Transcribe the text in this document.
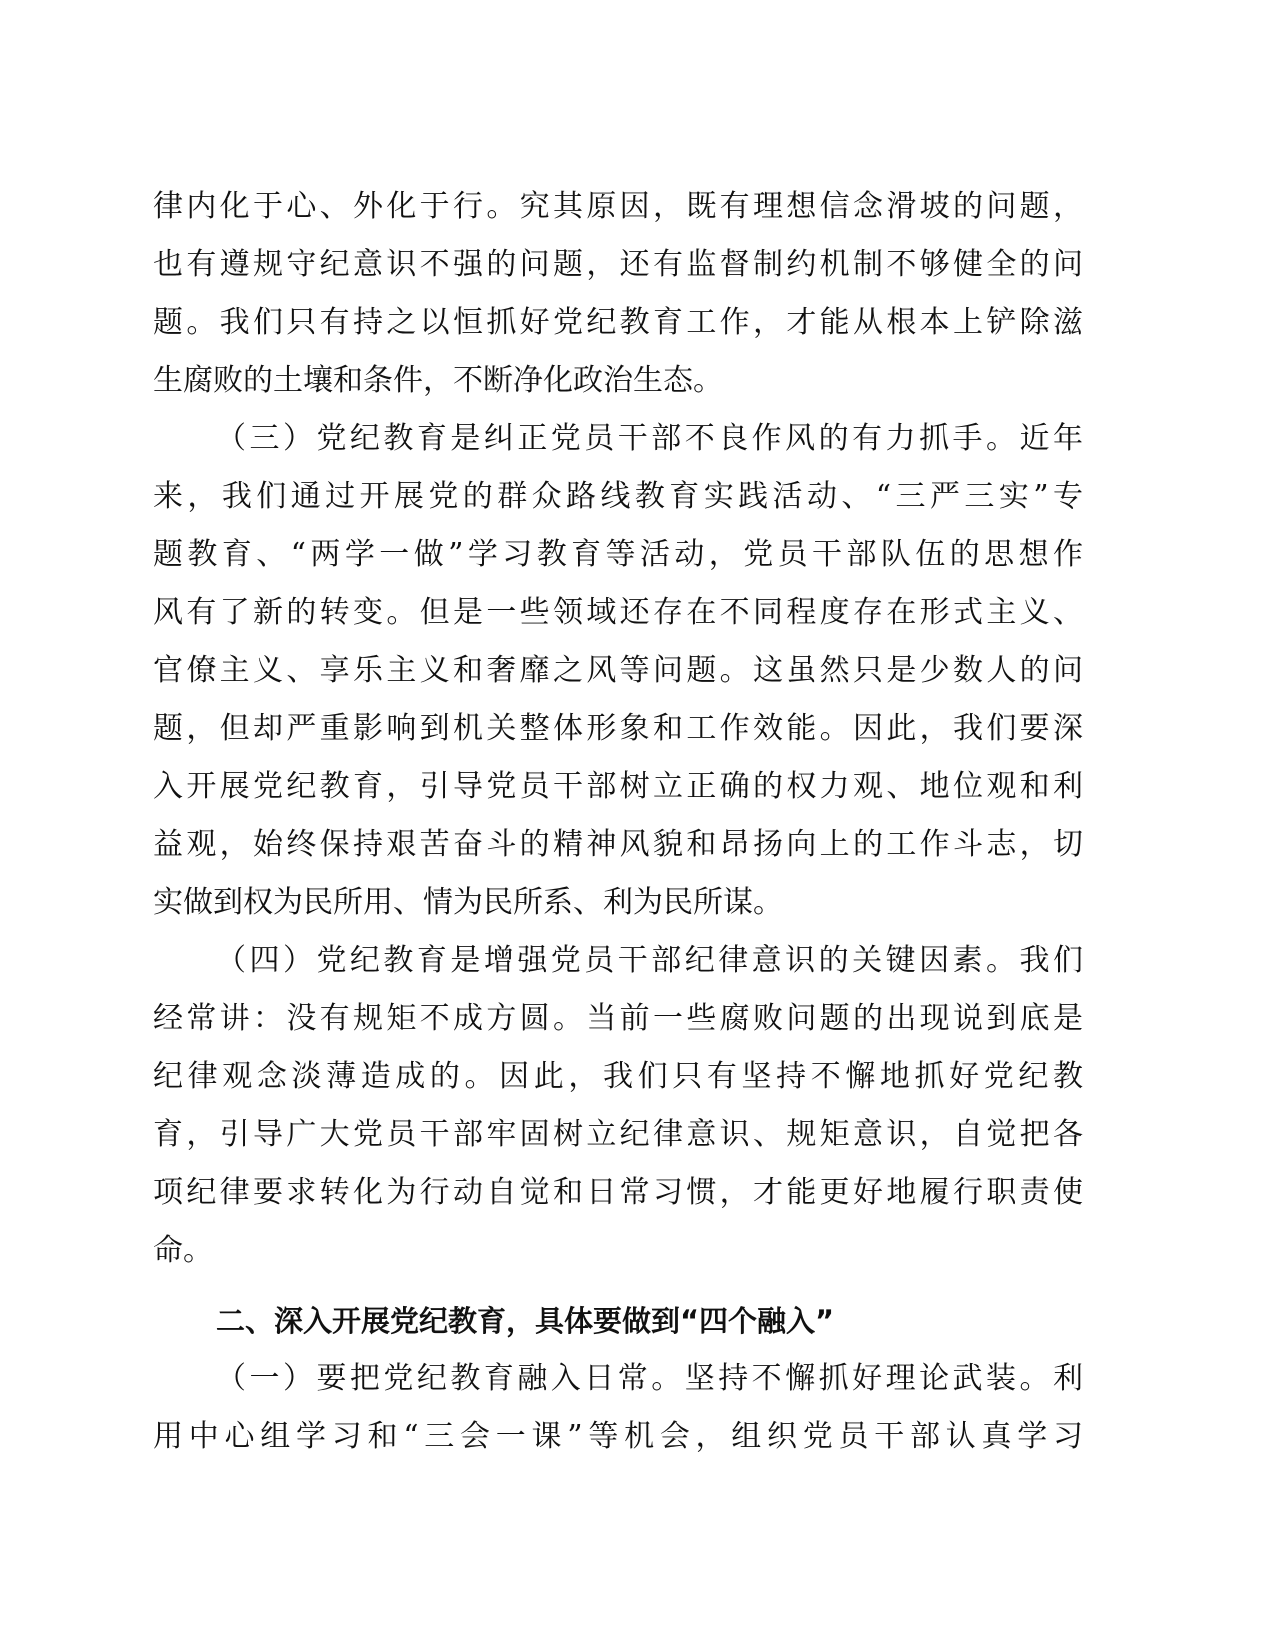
律内化于心、外化于行。究其原因，既有理想信念滑坡的问题，
也有遵规守纪意识不强的问题，还有监督制约机制不够健全的问
题。我们只有持之以恒抓好党纪教育工作，才能从根本上铲除滋
生腐败的土壤和条件，不断净化政治生态。
（三）党纪教育是纠正党员干部不良作风的有力抓手。近年
来，我们通过开展党的群众路线教育实践活动、“三严三实”专
题教育、“两学一做”学习教育等活动，党员干部队伍的思想作
风有了新的转变。但是一些领域还存在不同程度存在形式主义、
官僚主义、享乐主义和奢靡之风等问题。这虽然只是少数人的问
题，但却严重影响到机关整体形象和工作效能。因此，我们要深
入开展党纪教育，引导党员干部树立正确的权力观、地位观和利
益观，始终保持艰苦奋斗的精神风貌和昂扬向上的工作斗志，切
实做到权为民所用、情为民所系、利为民所谋。
（四）党纪教育是增强党员干部纪律意识的关键因素。我们
经常讲：没有规矩不成方圆。当前一些腐败问题的出现说到底是
纪律观念淡薄造成的。因此，我们只有坚持不懈地抓好党纪教
育，引导广大党员干部牢固树立纪律意识、规矩意识，自觉把各
项纪律要求转化为行动自觉和日常习惯，才能更好地履行职责使
命。
二、深入开展党纪教育，具体要做到“四个融入”
（一）要把党纪教育融入日常。坚持不懈抓好理论武装。利
用中心组学习和“三会一课”等机会，组织党员干部认真学习
